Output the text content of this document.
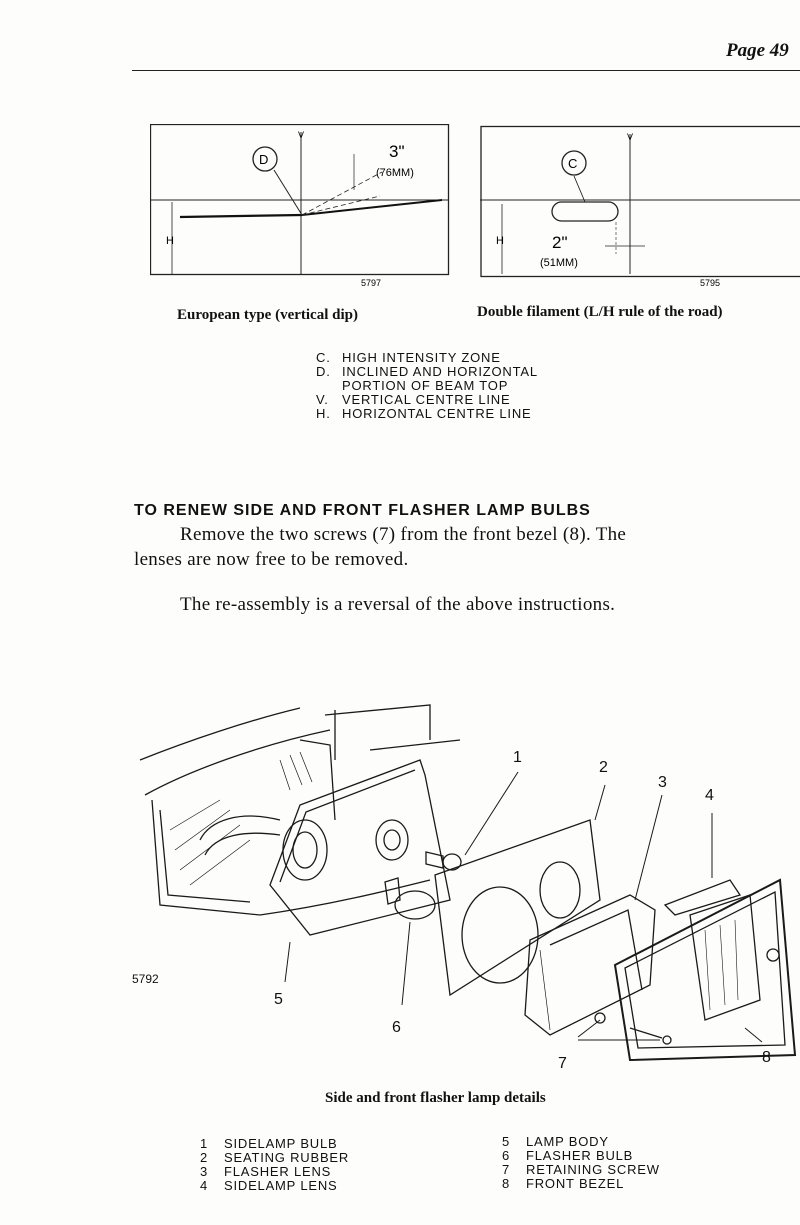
Page 49
V
H
D	3"
(76MM)
5797
V
H
C
2"
(51MM)
5795
European type (vertical dip)	Double filament (L/H rule of the road)
C. HIGH INTENSITY ZONE
D. INCLINED AND HORIZONTAL
PORTION OF BEAM TOP
V.	VERTICAL CENTRE LINE
H. HORIZONTAL CENTRE LINE
TO RENEW SIDE AND FRONT FLASHER LAMP BULBS
Remove the two screws (7) from the front bezel (8). The
lenses are now free to be removed.
The re-assembly is a reversal of the above instructions.
1
2
3
4
5
6
7	8
5792
Side and front flasher lamp details
1 SIDELAMP BULB
2 SEATING RUBBER
3 FLASHER LENS
4 SIDELAMP LENS
5 LAMP BODY
6 FLASHER BULB
7 RETAINING SCREW
8 FRONT BEZEL
